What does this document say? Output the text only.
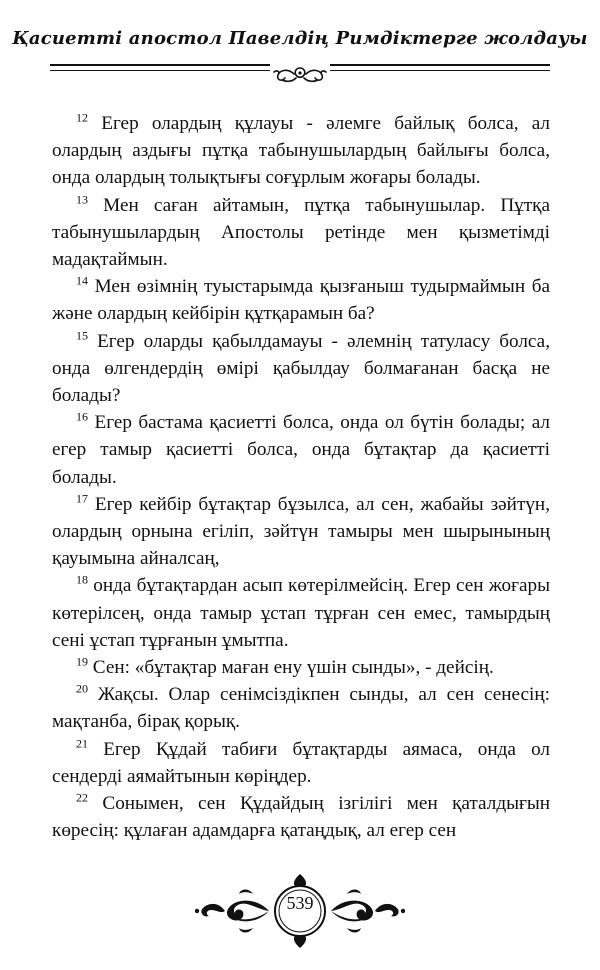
Қасиетті апостол Павелдің Римдіктерге жолдауы

$^{12}$ Егер олардың құлауы - әлемге байлық болса, ал олардың аздығы пұтқа табынушылардың байлығы болса, онда олардың толықтығы соғұрлым жоғары болады.

$^{13}$ Мен саған айтамын, пұтқа табынушылар. Пұтқа табынушылардың Апостолы ретінде мен қызметімді мадақтаймын.

$^{14}$ Мен өзімнің туыстарымда қызғаныш тудырмаймын ба және олардың кейбірін құтқарамын ба?

$^{15}$ Егер оларды қабылдамауы - әлемнің татуласу болса, онда өлгендердің өмірі қабылдау болмағанан басқа не болады?

$^{16}$ Егер бастама қасиетті болса, онда ол бүтін болады; ал егер тамыр қасиетті болса, онда бұтақтар да қасиетті болады.

$^{17}$ Егер кейбір бұтақтар бұзылса, ал сен, жабайы зәйтүн, олардың орнына егіліп, зәйтүн тамыры мен шырынының қауымына айналсаң,

$^{18}$ онда бұтақтардан асып көтерілмейсің. Егер сен жоғары көтерілсең, онда тамыр ұстап тұрған сен емес, тамырдың сені ұстап тұрғанын ұмытпа.

$^{19}$ Сен: «бұтақтар маған ену үшін сынды», - дейсің.

$^{20}$ Жақсы. Олар сенімсіздікпен сынды, ал сен сенесің: мақтанба, бірақ қорық.

$^{21}$ Егер Құдай табиғи бұтақтарды аямаса, онда ол сендерді аямайтынын көріңдер.

$^{22}$ Сонымен, сен Құдайдың ізгілігі мен қаталдығын көресің: құлаған адамдарға қатаңдық, ал егер сен

539
